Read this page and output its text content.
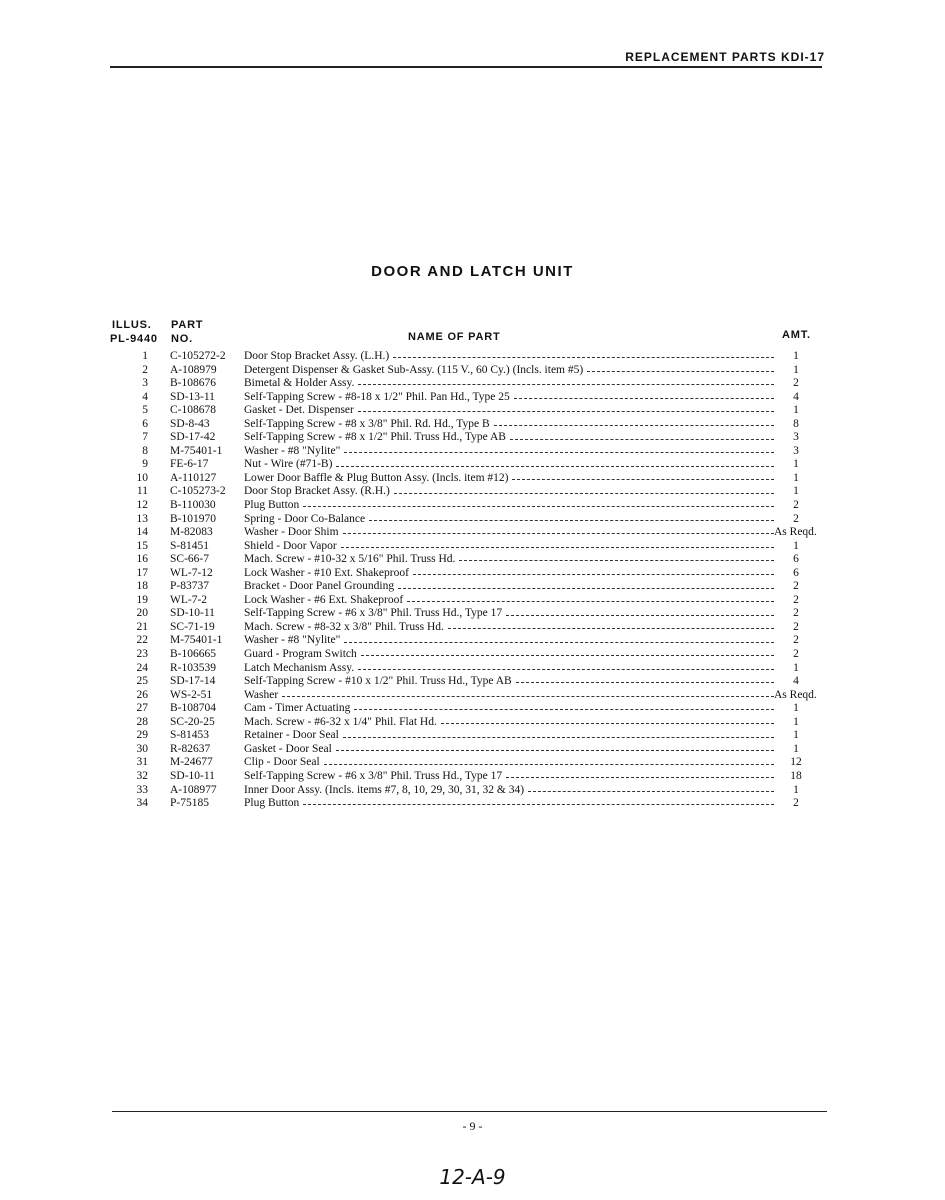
REPLACEMENT PARTS KDI-17
DOOR AND LATCH UNIT
ILLUS.
PL-9440
PART
NO.	NAME OF PART	AMT.
1 C-105272-2	Door Stop Bracket Assy. (L.H.)	1
2 A-108979	Detergent Dispenser & Gasket Sub-Assy. (115 V., 60 Cy.) (Incls. item #5)	1
3 B-108676	Bimetal & Holder Assy.	2
4 SD-13-11	Self-Tapping Screw - #8-18 x 1/2" Phil. Pan Hd., Type 25	4
5 C-108678	Gasket - Det. Dispenser	1
6 SD-8-43	Self-Tapping Screw - #8 x 3/8" Phil. Rd. Hd., Type B	8
7 SD-17-42	Self-Tapping Screw - #8 x 1/2" Phil. Truss Hd., Type AB	3
8 M-75401-1	Washer - #8 "Nylite"	3
9 FE-6-17	Nut - Wire (#71-B)	1
10 A-110127	Lower Door Baffle & Plug Button Assy. (Incls. item #12)	1
11 C-105273-2	Door Stop Bracket Assy. (R.H.)	1
12 B-110030	Plug Button	2
13 B-101970	Spring - Door Co-Balance	2
14 M-82083	Washer - Door Shim	As Reqd.
15 S-81451	Shield - Door Vapor	1
16 SC-66-7	Mach. Screw - #10-32 x 5/16" Phil. Truss Hd.	6
17 WL-7-12	Lock Washer - #10 Ext. Shakeproof	6
18 P-83737	Bracket - Door Panel Grounding	2
19 WL-7-2	Lock Washer - #6 Ext. Shakeproof	2
20 SD-10-11	Self-Tapping Screw - #6 x 3/8" Phil. Truss Hd., Type 17	2
21 SC-71-19	Mach. Screw - #8-32 x 3/8" Phil. Truss Hd.	2
22 M-75401-1	Washer - #8 "Nylite"	2
23 B-106665	Guard - Program Switch	2
24 R-103539	Latch Mechanism Assy.	1
25 SD-17-14	Self-Tapping Screw - #10 x 1/2" Phil. Truss Hd., Type AB	4
26 WS-2-51	Washer	As Reqd.
27 B-108704	Cam - Timer Actuating	1
28 SC-20-25	Mach. Screw - #6-32 x 1/4" Phil. Flat Hd.	1
29 S-81453	Retainer - Door Seal	1
30 R-82637	Gasket - Door Seal	1
31 M-24677	Clip - Door Seal	12
32 SD-10-11	Self-Tapping Screw - #6 x 3/8" Phil. Truss Hd., Type 17	18
33 A-108977	Inner Door Assy. (Incls. items #7, 8, 10, 29, 30, 31, 32 & 34)	1
34 P-75185	Plug Button	2
- 9 -
12-A-9
